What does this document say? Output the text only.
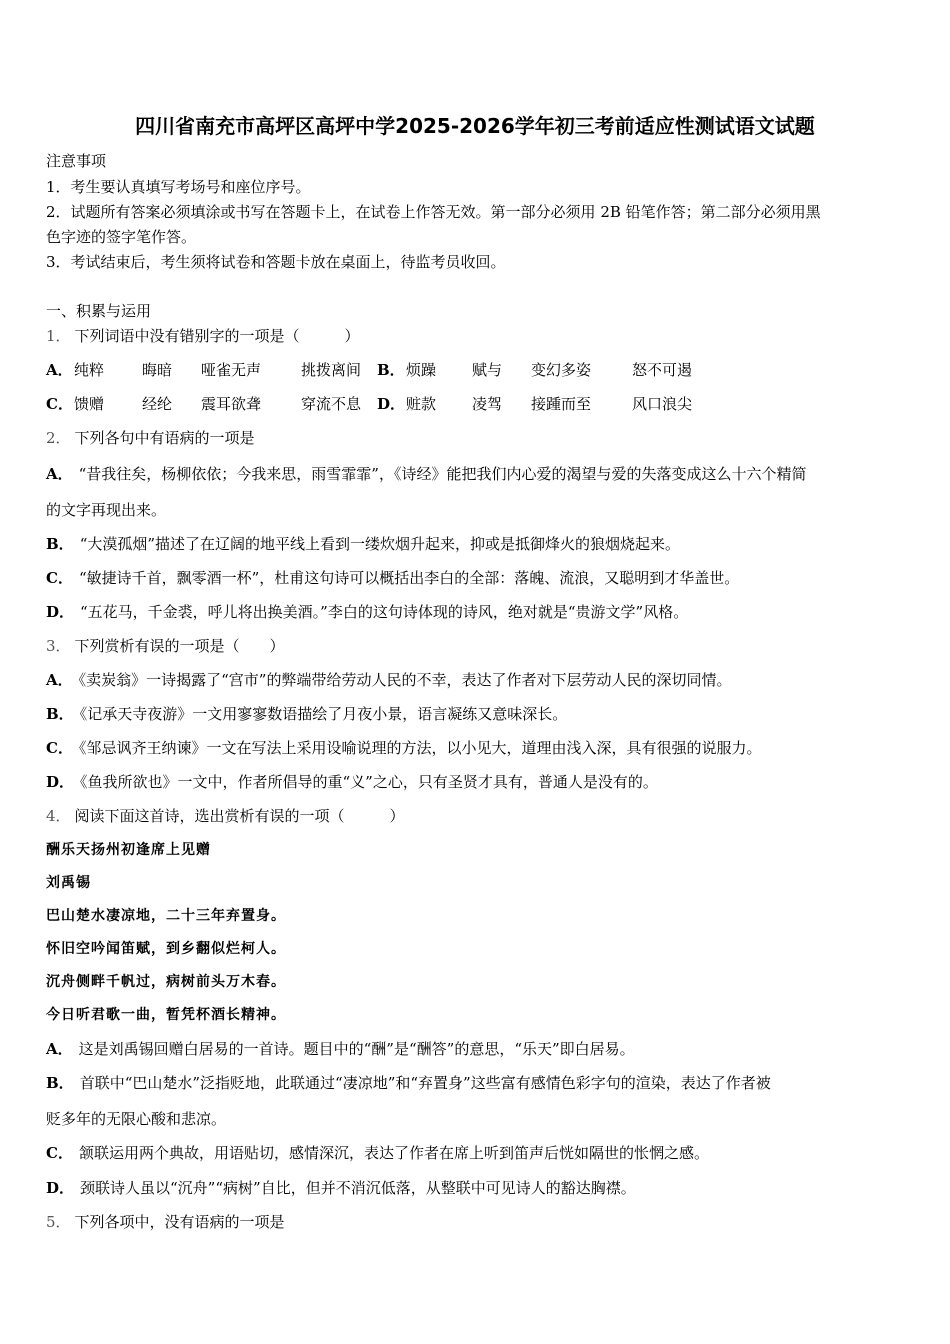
四川省南充市高坪区高坪中学2025-2026学年初三考前适应性测试语文试题
注意事项
1．考生要认真填写考场号和座位序号。
2．试题所有答案必须填涂或书写在答题卡上，在试卷上作答无效。第一部分必须用 2B 铅笔作答；第二部分必须用黑
色字迹的签字笔作答。
3．考试结束后，考生须将试卷和答题卡放在桌面上，待监考员收回。
一、积累与运用
1． 下列词语中没有错别字的一项是（　　　）
A． 纯粹	晦暗 哑雀无声	挑拨离间 B． 烦躁 赋与 变幻多姿	怒不可遏
C． 馈赠	经纶 震耳欲聋	穿流不息 D． 赃款 凌驾 接踵而至	风口浪尖
2． 下列各句中有语病的一项是
A． “昔我往矣，杨柳依依；今我来思，雨雪霏霏”，《诗经》能把我们内心爱的渴望与爱的失落变成这么十六个精简
的文字再现出来。
B． “大漠孤烟”描述了在辽阔的地平线上看到一缕炊烟升起来，抑或是抵御烽火的狼烟烧起来。
C． “敏捷诗千首，飘零酒一杯”，杜甫这句诗可以概括出李白的全部：落魄、流浪，又聪明到才华盖世。
D． “五花马，千金裘，呼儿将出换美酒。”李白的这句诗体现的诗风，绝对就是“贵游文学”风格。
3． 下列赏析有误的一项是（　　）
A． 《卖炭翁》一诗揭露了“宫市”的弊端带给劳动人民的不幸，表达了作者对下层劳动人民的深切同情。
B． 《记承天寺夜游》一文用寥寥数语描绘了月夜小景，语言凝练又意味深长。
C． 《邹忌讽齐王纳谏》一文在写法上采用设喻说理的方法，以小见大，道理由浅入深，具有很强的说服力。
D． 《鱼我所欲也》一文中，作者所倡导的重“义”之心，只有圣贤才具有，普通人是没有的。
4． 阅读下面这首诗，选出赏析有误的一项（　　　）
酬乐天扬州初逢席上见赠
刘禹锡
巴山楚水凄凉地，二十三年弃置身。
怀旧空吟闻笛赋，到乡翻似烂柯人。
沉舟侧畔千帆过，病树前头万木春。
今日听君歌一曲，暂凭杯酒长精神。
A． 这是刘禹锡回赠白居易的一首诗。题目中的“酬”是“酬答”的意思，“乐天”即白居易。
B． 首联中“巴山楚水”泛指贬地，此联通过“凄凉地”和“弃置身”这些富有感情色彩字句的渲染，表达了作者被
贬多年的无限心酸和悲凉。
C． 颔联运用两个典故，用语贴切，感情深沉，表达了作者在席上听到笛声后恍如隔世的怅惘之感。
D． 颈联诗人虽以“沉舟”“病树”自比，但并不消沉低落，从整联中可见诗人的豁达胸襟。
5． 下列各项中，没有语病的一项是
